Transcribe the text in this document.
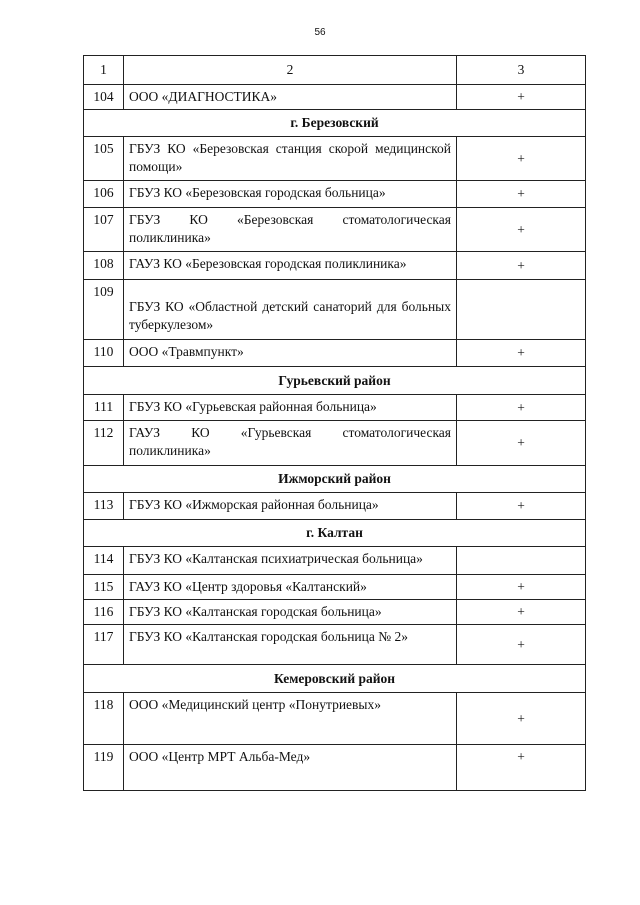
56
1	2	3
104	ООО «ДИАГНОСТИКА»	+
г. Березовский		
105	ГБУЗ КО «Березовская станция скорой медицинской помощи»	+
106	ГБУЗ КО «Березовская городская больница»	+
107	ГБУЗ КО «Березовская стоматологическая поликлиника»	+
108	ГАУЗ КО «Березовская городская поликлиника»	+
109	ГБУЗ КО «Областной детский санаторий для больных туберкулезом»	
110	ООО «Травмпункт»	+
Гурьевский район		
111	ГБУЗ КО «Гурьевская районная больница»	+
112	ГАУЗ КО «Гурьевская стоматологическая поликлиника»	+
Ижморский район		
113	ГБУЗ КО «Ижморская районная больница»	+
г. Калтан		
114	ГБУЗ КО «Калтанская психиатрическая больница»	
115	ГАУЗ КО «Центр здоровья «Калтанский»	+
116	ГБУЗ КО «Калтанская городская больница»	+
117	ГБУЗ КО «Калтанская городская больница № 2»	+
Кемеровский район		
118	ООО «Медицинский центр «Понутриевых»	+
119	ООО «Центр МРТ Альба-Мед»	+
